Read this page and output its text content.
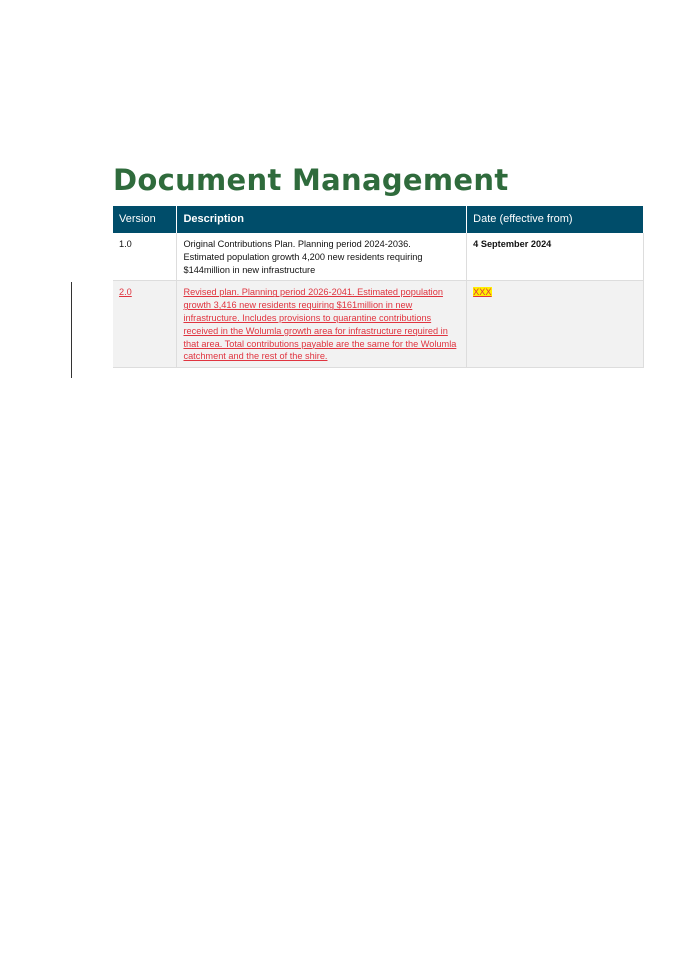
Document Management
Version	Description	Date (effective from)
1.0	Original Contributions Plan. Planning period 2024-2036. Estimated population growth 4,200 new residents requiring $144million in new infrastructure	4 September 2024
2.0	Revised plan. Planning period 2026-2041. Estimated population growth 3,416 new residents requiring $161million in new infrastructure. Includes provisions to quarantine contributions received in the Wolumla growth area for infrastructure required in that area. Total contributions payable are the same for the Wolumla catchment and the rest of the shire.	XXX
